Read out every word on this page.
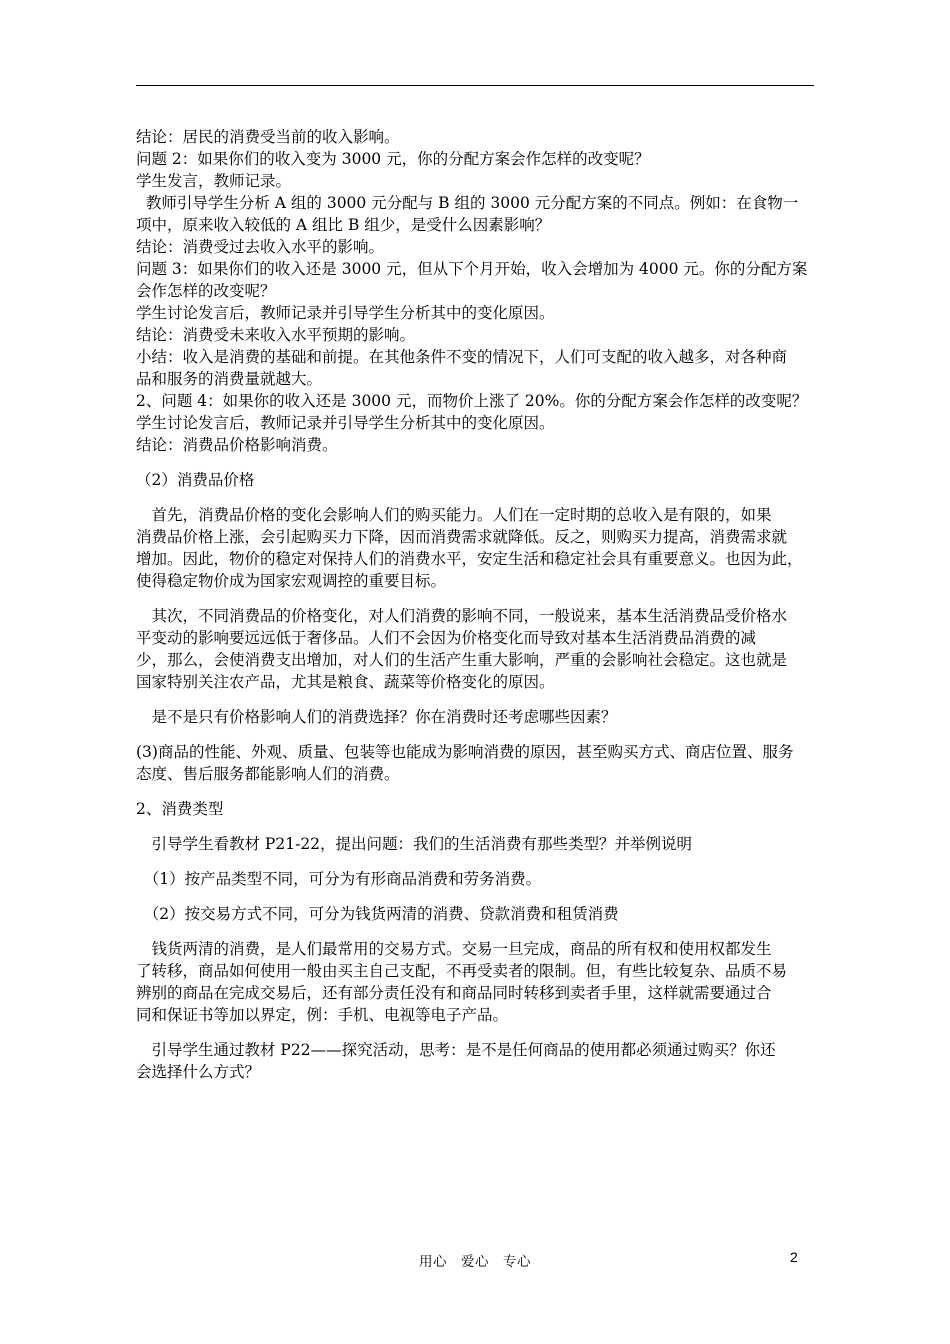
结论：居民的消费受当前的收入影响。
问题 2：如果你们的收入变为 3000 元，你的分配方案会作怎样的改变呢？
学生发言，教师记录。
教师引导学生分析 A 组的 3000 元分配与 B 组的 3000 元分配方案的不同点。例如：在食物一
项中，原来收入较低的 A 组比 B 组少，是受什么因素影响？
结论：消费受过去收入水平的影响。
问题 3：如果你们的收入还是 3000 元，但从下个月开始，收入会增加为 4000 元。你的分配方案
会作怎样的改变呢？
学生讨论发言后，教师记录并引导学生分析其中的变化原因。
结论：消费受未来收入水平预期的影响。
小结：收入是消费的基础和前提。在其他条件不变的情况下，人们可支配的收入越多，对各种商
品和服务的消费量就越大。
2、问题 4：如果你的收入还是 3000 元，而物价上涨了 20%。你的分配方案会作怎样的改变呢？
学生讨论发言后，教师记录并引导学生分析其中的变化原因。
结论：消费品价格影响消费。
（2）消费品价格
　首先，消费品价格的变化会影响人们的购买能力。人们在一定时期的总收入是有限的，如果
消费品价格上涨，会引起购买力下降，因而消费需求就降低。反之，则购买力提高，消费需求就
增加。因此，物价的稳定对保持人们的消费水平，安定生活和稳定社会具有重要意义。也因为此，
使得稳定物价成为国家宏观调控的重要目标。
　其次，不同消费品的价格变化，对人们消费的影响不同，一般说来，基本生活消费品受价格水
平变动的影响要远远低于奢侈品。人们不会因为价格变化而导致对基本生活消费品消费的减
少，那么，会使消费支出增加，对人们的生活产生重大影响，严重的会影响社会稳定。这也就是
国家特别关注农产品，尤其是粮食、蔬菜等价格变化的原因。
　是不是只有价格影响人们的消费选择？你在消费时还考虑哪些因素？
(3)商品的性能、外观、质量、包装等也能成为影响消费的原因，甚至购买方式、商店位置、服务
态度、售后服务都能影响人们的消费。
2、消费类型
　引导学生看教材 P21-22，提出问题：我们的生活消费有那些类型？并举例说明
　（1）按产品类型不同，可分为有形商品消费和劳务消费。
　（2）按交易方式不同，可分为钱货两清的消费、贷款消费和租赁消费
　钱货两清的消费，是人们最常用的交易方式。交易一旦完成，商品的所有权和使用权都发生
了转移，商品如何使用一般由买主自己支配，不再受卖者的限制。但，有些比较复杂、品质不易
辨别的商品在完成交易后，还有部分责任没有和商品同时转移到卖者手里，这样就需要通过合
同和保证书等加以界定，例：手机、电视等电子产品。
　引导学生通过教材 P22——探究活动，思考：是不是任何商品的使用都必须通过购买？你还
会选择什么方式？
用心　爱心　专心	2
